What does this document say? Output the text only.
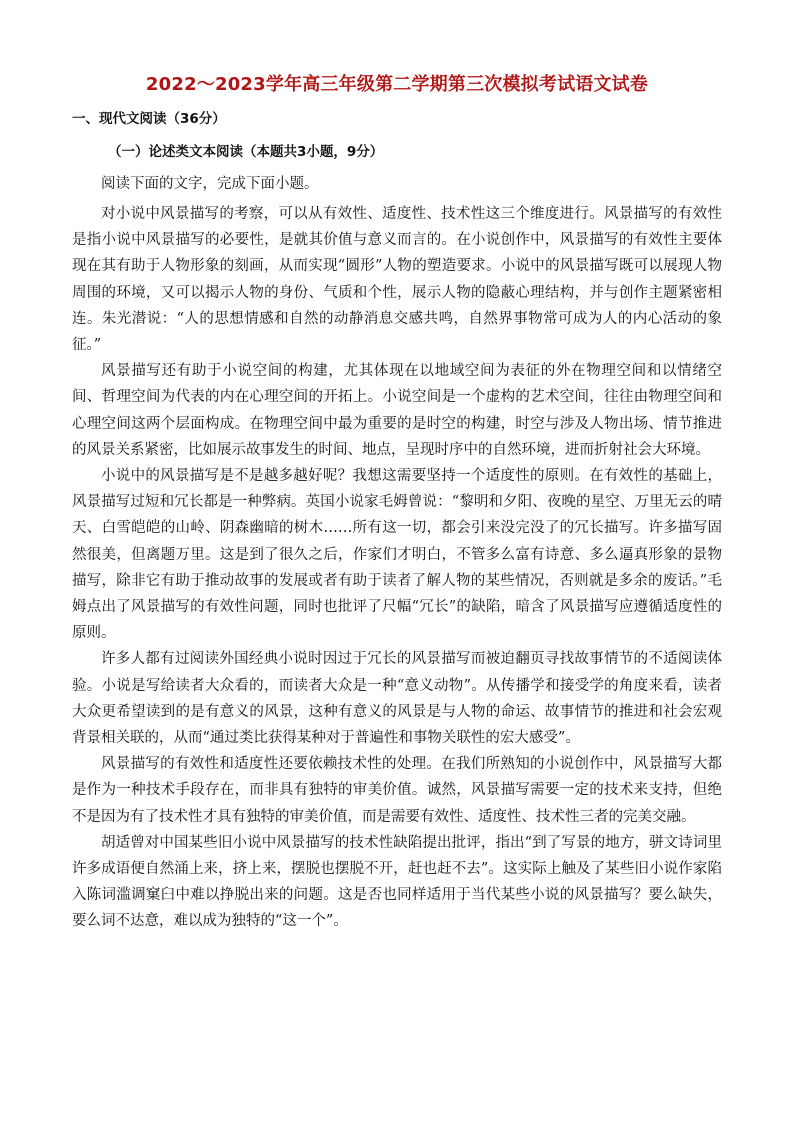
2022～2023学年高三年级第二学期第三次模拟考试语文试卷
一、现代文阅读（36分）
（一）论述类文本阅读（本题共3小题，9分）
阅读下面的文字，完成下面小题。

对小说中风景描写的考察，可以从有效性、适度性、技术性这三个维度进行。风景描写的有效性是指小说中风景描写的必要性，是就其价值与意义而言的。在小说创作中，风景描写的有效性主要体现在其有助于人物形象的刻画，从而实现“圆形”人物的塑造要求。小说中的风景描写既可以展现人物周围的环境，又可以揭示人物的身份、气质和个性，展示人物的隐蔽心理结构，并与创作主题紧密相连。朱光潜说：“人的思想情感和自然的动静消息交感共鸣，自然界事物常可成为人的内心活动的象征。”

风景描写还有助于小说空间的构建，尤其体现在以地域空间为表征的外在物理空间和以情绪空间、哲理空间为代表的内在心理空间的开拓上。小说空间是一个虚构的艺术空间，往往由物理空间和心理空间这两个层面构成。在物理空间中最为重要的是时空的构建，时空与涉及人物出场、情节推进的风景关系紧密，比如展示故事发生的时间、地点，呈现时序中的自然环境，进而折射社会大环境。

小说中的风景描写是不是越多越好呢？我想这需要坚持一个适度性的原则。在有效性的基础上，风景描写过短和冗长都是一种弊病。英国小说家毛姆曾说：“黎明和夕阳、夜晚的星空、万里无云的晴天、白雪皑皑的山岭、阴森幽暗的树木……所有这一切，都会引来没完没了的冗长描写。许多描写固然很美，但离题万里。这是到了很久之后，作家们才明白，不管多么富有诗意、多么逼真形象的景物描写，除非它有助于推动故事的发展或者有助于读者了解人物的某些情况，否则就是多余的废话。”毛姆点出了风景描写的有效性问题，同时也批评了尺幅“冗长”的缺陷，暗含了风景描写应遵循适度性的原则。

许多人都有过阅读外国经典小说时因过于冗长的风景描写而被迫翻页寻找故事情节的不适阅读体验。小说是写给读者大众看的，而读者大众是一种“意义动物”。从传播学和接受学的角度来看，读者大众更希望读到的是有意义的风景，这种有意义的风景是与人物的命运、故事情节的推进和社会宏观背景相关联的，从而“通过类比获得某种对于普遍性和事物关联性的宏大感受”。

风景描写的有效性和适度性还要依赖技术性的处理。在我们所熟知的小说创作中，风景描写大都是作为一种技术手段存在，而非具有独特的审美价值。诚然，风景描写需要一定的技术来支持，但绝不是因为有了技术性才具有独特的审美价值，而是需要有效性、适度性、技术性三者的完美交融。

胡适曾对中国某些旧小说中风景描写的技术性缺陷提出批评，指出“到了写景的地方，骈文诗词里许多成语便自然涌上来，挤上来，摆脱也摆脱不开，赶也赶不去”。这实际上触及了某些旧小说作家陷入陈词滥调窠臼中难以挣脱出来的问题。这是否也同样适用于当代某些小说的风景描写？要么缺失，要么词不达意，难以成为独特的“这一个”。
